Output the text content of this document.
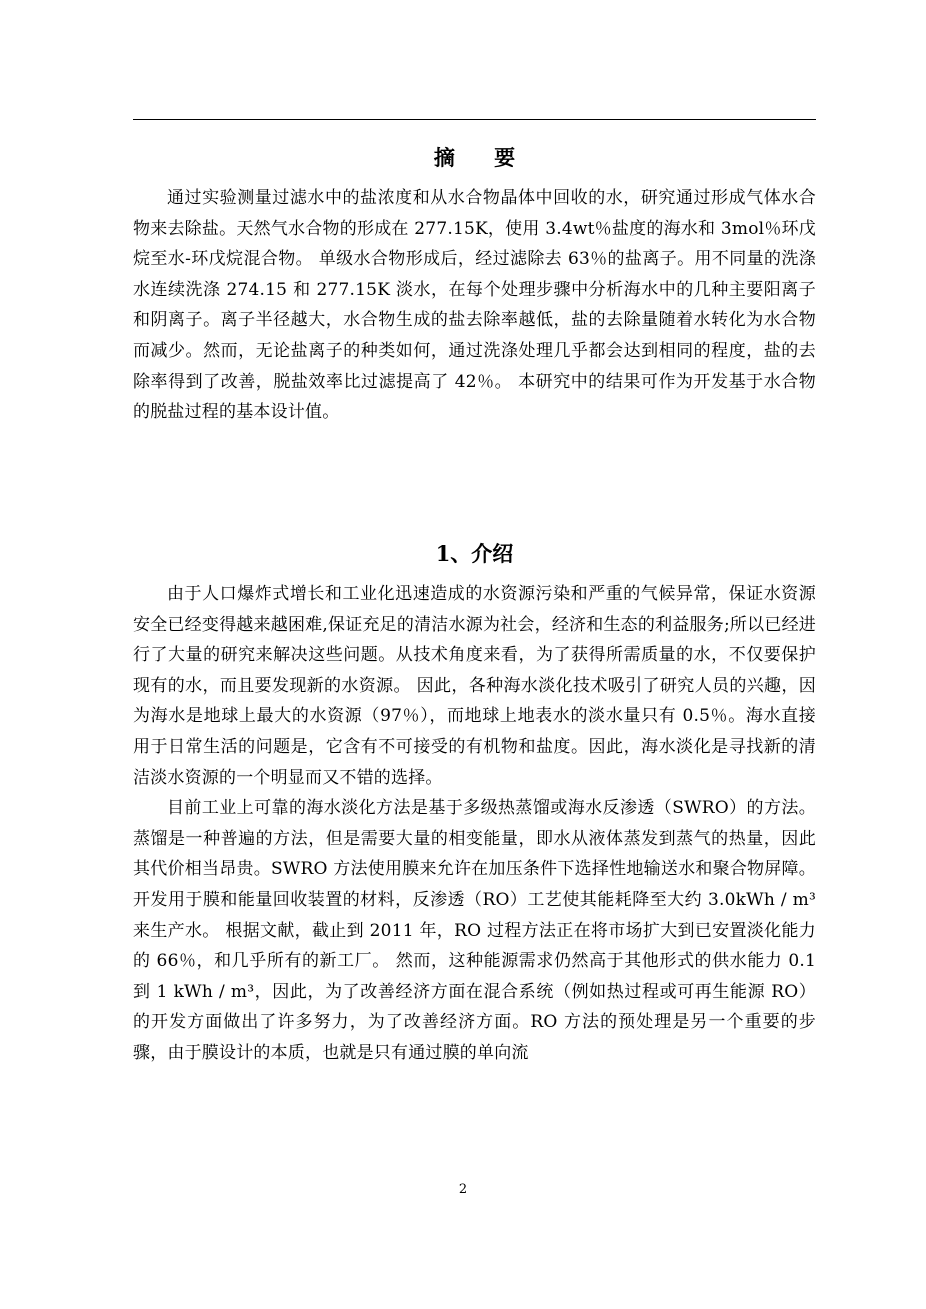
摘 要

通过实验测量过滤水中的盐浓度和从水合物晶体中回收的水，研究通过形成气体水合物来去除盐。天然气水合物的形成在 277.15K，使用 3.4wt％盐度的海水和 3mol％环戊烷至水-环戊烷混合物。 单级水合物形成后，经过滤除去 63％的盐离子。用不同量的洗涤水连续洗涤 274.15 和 277.15K 淡水，在每个处理步骤中分析海水中的几种主要阳离子和阴离子。离子半径越大，水合物生成的盐去除率越低，盐的去除量随着水转化为水合物而减少。然而，无论盐离子的种类如何，通过洗涤处理几乎都会达到相同的程度，盐的去除率得到了改善，脱盐效率比过滤提高了 42％。 本研究中的结果可作为开发基于水合物的脱盐过程的基本设计值。

1、介绍

由于人口爆炸式增长和工业化迅速造成的水资源污染和严重的气候异常，保证水资源安全已经变得越来越困难,保证充足的清洁水源为社会，经济和生态的利益服务;所以已经进行了大量的研究来解决这些问题。从技术角度来看，为了获得所需质量的水，不仅要保护现有的水，而且要发现新的水资源。 因此，各种海水淡化技术吸引了研究人员的兴趣，因为海水是地球上最大的水资源（97％），而地球上地表水的淡水量只有 0.5％。海水直接用于日常生活的问题是，它含有不可接受的有机物和盐度。因此，海水淡化是寻找新的清洁淡水资源的一个明显而又不错的选择。

目前工业上可靠的海水淡化方法是基于多级热蒸馏或海水反渗透（SWRO）的方法。蒸馏是一种普遍的方法，但是需要大量的相变能量，即水从液体蒸发到蒸气的热量，因此其代价相当昂贵。SWRO 方法使用膜来允许在加压条件下选择性地输送水和聚合物屏障。开发用于膜和能量回收装置的材料，反渗透（RO）工艺使其能耗降至大约 3.0kWh / m³ 来生产水。 根据文献，截止到 2011 年，RO 过程方法正在将市场扩大到已安置淡化能力的 66％，和几乎所有的新工厂。 然而，这种能源需求仍然高于其他形式的供水能力 0.1 到 1 kWh / m³，因此，为了改善经济方面在混合系统（例如热过程或可再生能源 RO）的开发方面做出了许多努力，为了改善经济方面。RO 方法的预处理是另一个重要的步骤，由于膜设计的本质，也就是只有通过膜的单向流

2
